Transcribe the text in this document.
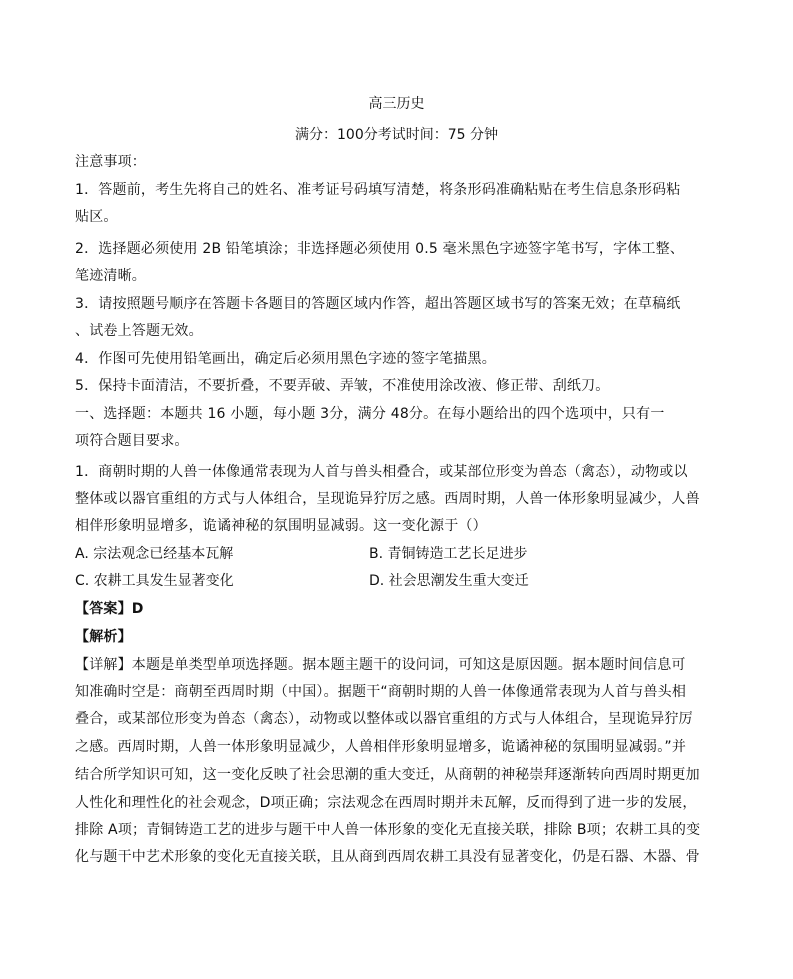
高三历史
满分：100分考试时间：75 分钟
注意事项：
1．答题前，考生先将自己的姓名、准考证号码填写清楚，将条形码准确粘贴在考生信息条形码粘
贴区。
2．选择题必须使用 2B 铅笔填涂；非选择题必须使用 0.5 毫米黑色字迹签字笔书写，字体工整、
笔迹清晰。
3．请按照题号顺序在答题卡各题目的答题区域内作答，超出答题区域书写的答案无效；在草稿纸
、试卷上答题无效。
4．作图可先使用铅笔画出，确定后必须用黑色字迹的签字笔描黑。
5．保持卡面清洁，不要折叠，不要弄破、弄皱，不准使用涂改液、修正带、刮纸刀。
一、选择题：本题共 16 小题，每小题 3分，满分 48分。在每小题给出的四个选项中，只有一
项符合题目要求。
1．商朝时期的人兽一体像通常表现为人首与兽头相叠合，或某部位形变为兽态（禽态），动物或以
整体或以器官重组的方式与人体组合，呈现诡异狞厉之感。西周时期，人兽一体形象明显减少，人兽
相伴形象明显增多，诡谲神秘的氛围明显减弱。这一变化源于（）
A. 宗法观念已经基本瓦解	B. 青铜铸造工艺长足进步
C. 农耕工具发生显著变化	D. 社会思潮发生重大变迁
【答案】D
【解析】
【详解】本题是单类型单项选择题。据本题主题干的设问词，可知这是原因题。据本题时间信息可
知准确时空是：商朝至西周时期（中国）。据题干“商朝时期的人兽一体像通常表现为人首与兽头相
叠合，或某部位形变为兽态（禽态），动物或以整体或以器官重组的方式与人体组合，呈现诡异狞厉
之感。西周时期，人兽一体形象明显减少，人兽相伴形象明显增多，诡谲神秘的氛围明显减弱。”并
结合所学知识可知，这一变化反映了社会思潮的重大变迁，从商朝的神秘崇拜逐渐转向西周时期更加
人性化和理性化的社会观念，D项正确；宗法观念在西周时期并未瓦解，反而得到了进一步的发展，
排除 A项；青铜铸造工艺的进步与题干中人兽一体形象的变化无直接关联，排除 B项；农耕工具的变
化与题干中艺术形象的变化无直接关联，且从商到西周农耕工具没有显著变化，仍是石器、木器、骨
